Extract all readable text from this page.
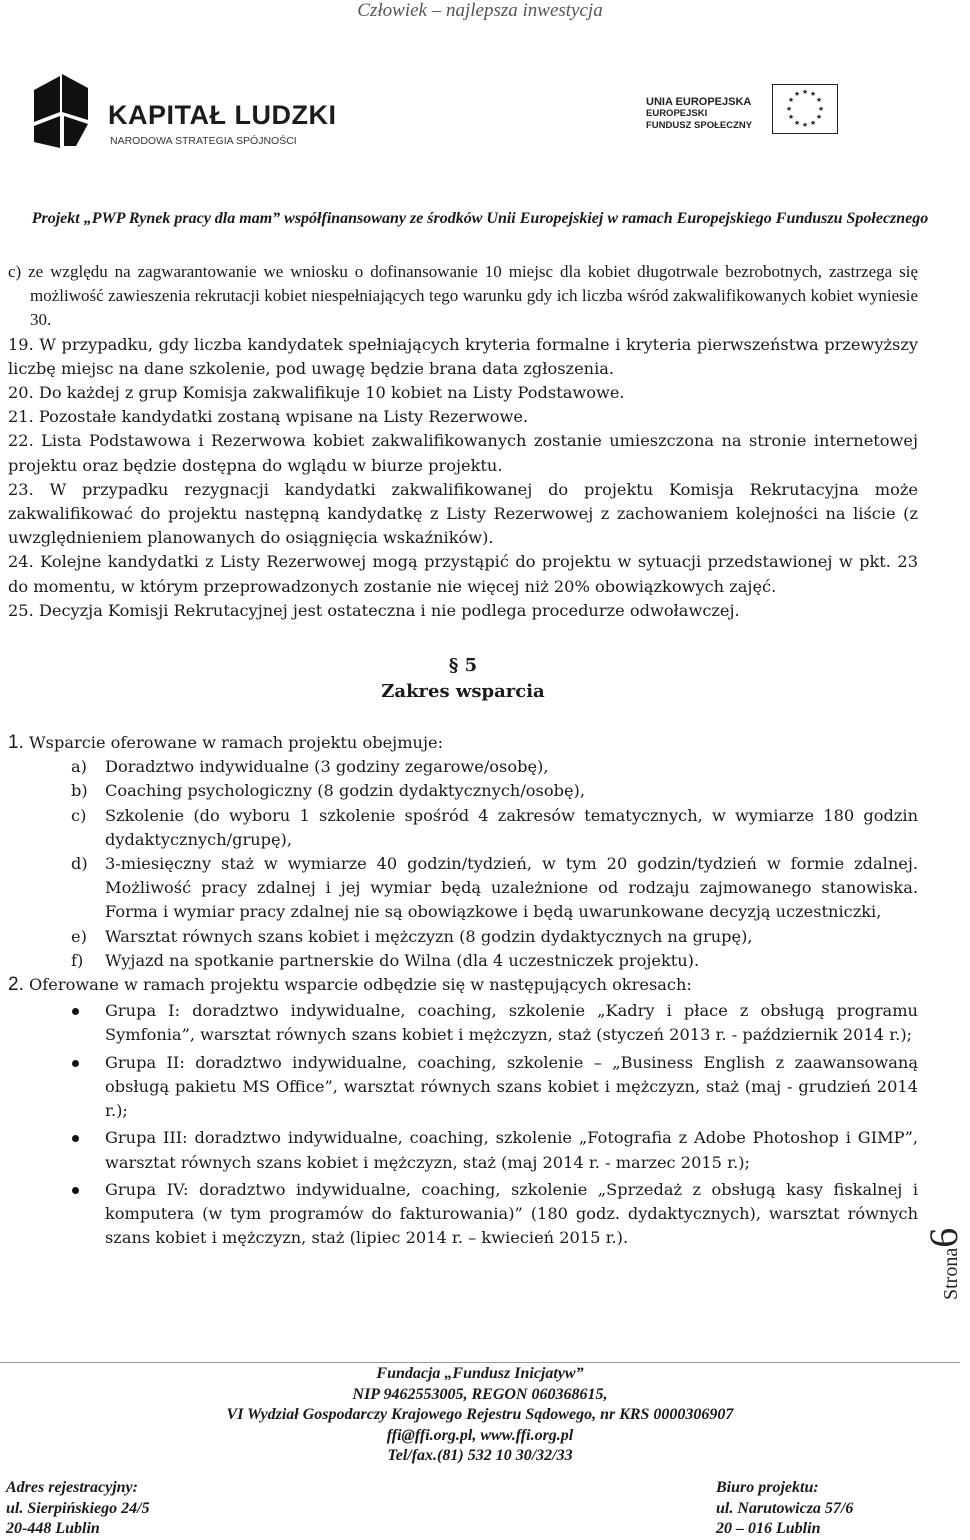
Człowiek – najlepsza inwestycja
KAPITAŁ LUDZKI
NARODOWA STRATEGIA SPÓJNOŚCI
UNIA EUROPEJSKA
EUROPEJSKI
FUNDUSZ SPOŁECZNY
★ ★
★
★
★
★
★
★
★
★
★
★
Projekt „PWP Rynek pracy dla mam” współfinansowany ze środków Unii Europejskiej w ramach Europejskiego Funduszu Społecznego

c) ze względu na zagwarantowanie we wniosku o dofinansowanie 10 miejsc dla kobiet długotrwale bezrobotnych, zastrzega się możliwość zawieszenia rekrutacji kobiet niespełniających tego warunku gdy ich liczba wśród zakwalifikowanych kobiet wyniesie 30.

19. W przypadku, gdy liczba kandydatek spełniających kryteria formalne i kryteria pierwszeństwa przewyższy liczbę miejsc na dane szkolenie, pod uwagę będzie brana data zgłoszenia.

20. Do każdej z grup Komisja zakwalifikuje 10 kobiet na Listy Podstawowe.

21. Pozostałe kandydatki zostaną wpisane na Listy Rezerwowe.

22. Lista Podstawowa i Rezerwowa kobiet zakwalifikowanych zostanie umieszczona na stronie internetowej projektu oraz będzie dostępna do wglądu w biurze projektu.

23. W przypadku rezygnacji kandydatki zakwalifikowanej do projektu Komisja Rekrutacyjna może zakwalifikować do projektu następną kandydatkę z Listy Rezerwowej z zachowaniem kolejności na liście (z uwzględnieniem planowanych do osiągnięcia wskaźników).

24. Kolejne kandydatki z Listy Rezerwowej mogą przystąpić do projektu w sytuacji przedstawionej w pkt. 23 do momentu, w którym przeprowadzonych zostanie nie więcej niż 20% obowiązkowych zajęć.

25. Decyzja Komisji Rekrutacyjnej jest ostateczna i nie podlega procedurze odwoławczej.

§ 5
Zakres wsparcia

1. Wsparcie oferowane w ramach projektu obejmuje:

a) Doradztwo indywidualne (3 godziny zegarowe/osobę),
b) Coaching psychologiczny (8 godzin dydaktycznych/osobę),
c) Szkolenie (do wyboru 1 szkolenie spośród 4 zakresów tematycznych, w wymiarze 180 godzin dydaktycznych/grupę),
d) 3-miesięczny staż w wymiarze 40 godzin/tydzień, w tym 20 godzin/tydzień w formie zdalnej. Możliwość pracy zdalnej i jej wymiar będą uzależnione od rodzaju zajmowanego stanowiska. Forma i wymiar pracy zdalnej nie są obowiązkowe i będą uwarunkowane decyzją uczestniczki,
e) Warsztat równych szans kobiet i mężczyzn (8 godzin dydaktycznych na grupę),
f) Wyjazd na spotkanie partnerskie do Wilna (dla 4 uczestniczek projektu).

2. Oferowane w ramach projektu wsparcie odbędzie się w następujących okresach:

Grupa I: doradztwo indywidualne, coaching, szkolenie „Kadry i płace z obsługą programu Symfonia”, warsztat równych szans kobiet i mężczyzn, staż (styczeń 2013 r. - październik 2014 r.);
Grupa II: doradztwo indywidualne, coaching, szkolenie – „Business English z zaawansowaną obsługą pakietu MS Office”, warsztat równych szans kobiet i mężczyzn, staż (maj - grudzień 2014 r.);
Grupa III: doradztwo indywidualne, coaching, szkolenie „Fotografia z Adobe Photoshop i GIMP”, warsztat równych szans kobiet i mężczyzn, staż (maj 2014 r. - marzec 2015 r.);
Grupa IV: doradztwo indywidualne, coaching, szkolenie „Sprzedaż z obsługą kasy fiskalnej i komputera (w tym programów do fakturowania)” (180 godz. dydaktycznych), warsztat równych szans kobiet i mężczyzn, staż (lipiec 2014 r. – kwiecień 2015 r.).
Strona6
Fundacja „Fundusz Inicjatyw”
NIP 9462553005, REGON 060368615,
VI Wydział Gospodarczy Krajowego Rejestru Sądowego, nr KRS 0000306907
ffi@ffi.org.pl, www.ffi.org.pl
Tel/fax.(81) 532 10 30/32/33
Adres rejestracyjny:
ul. Sierpińskiego 24/5
20-448 Lublin
Biuro projektu:
ul. Narutowicza 57/6
20 – 016 Lublin
